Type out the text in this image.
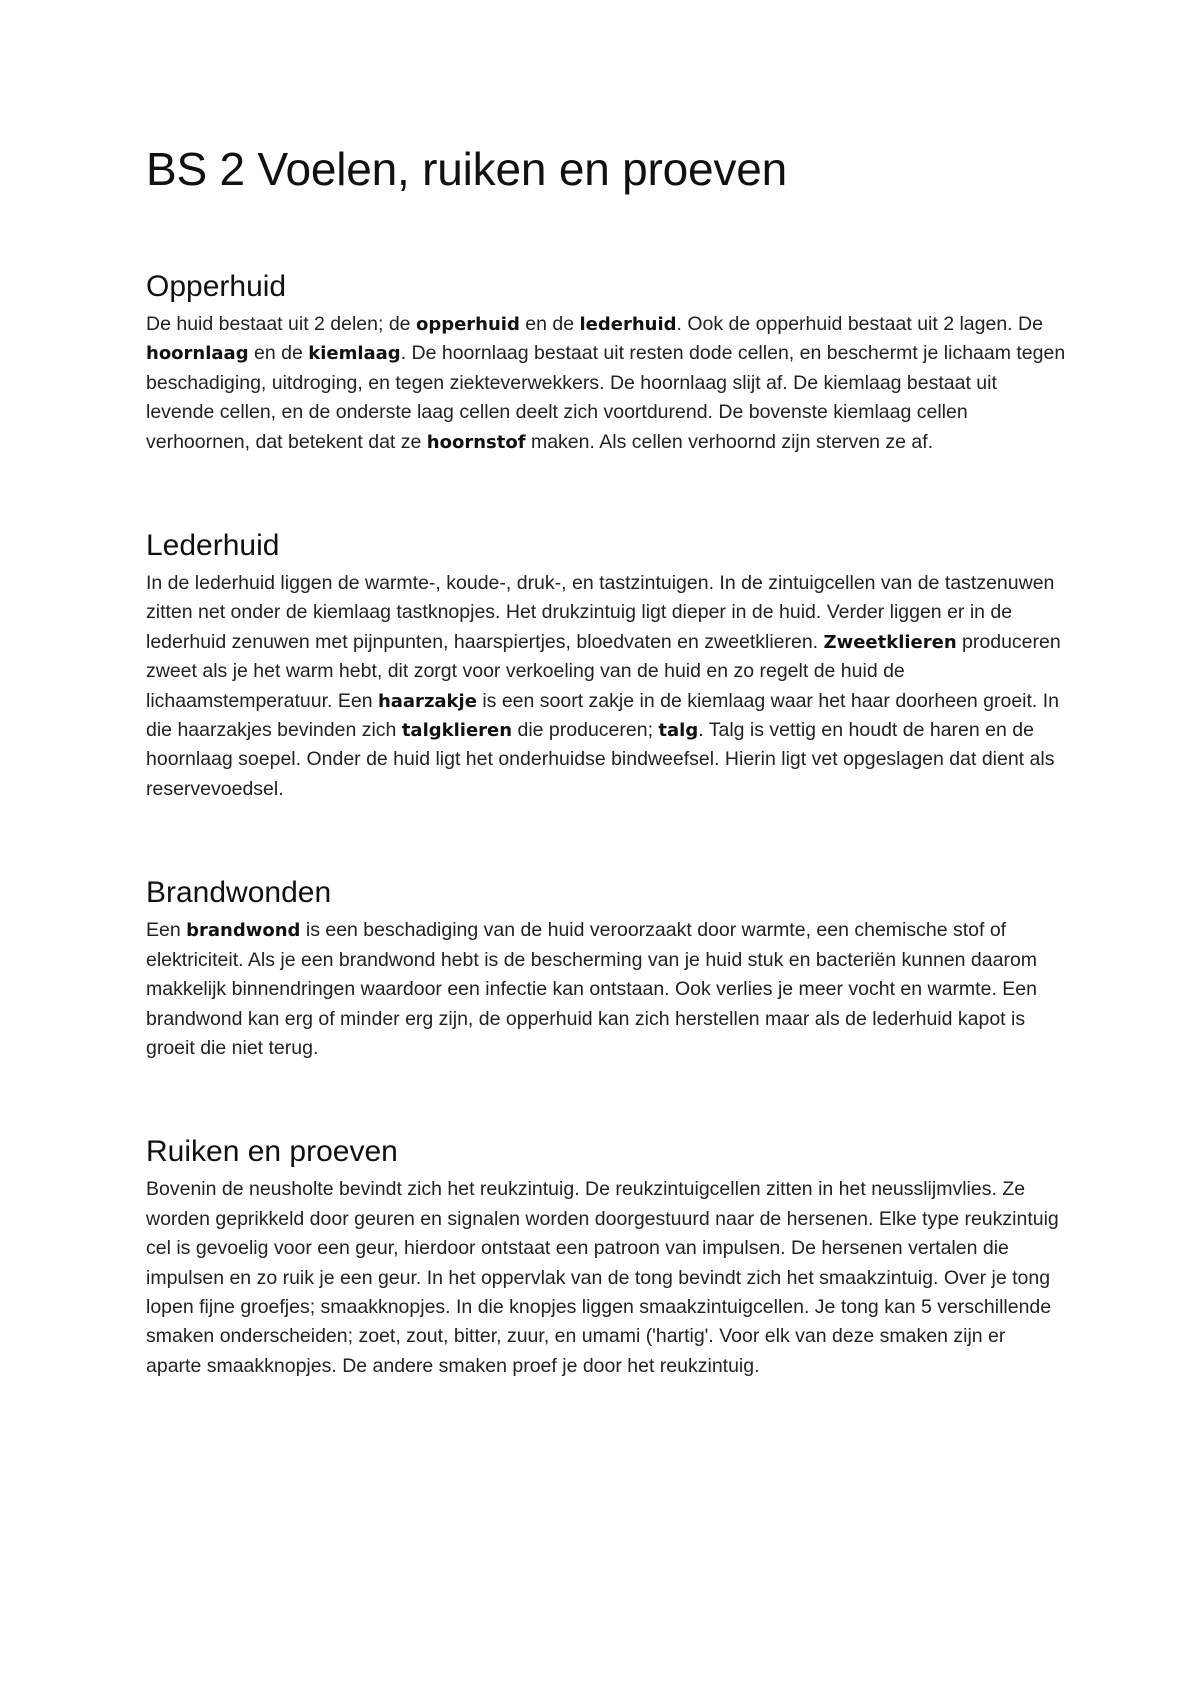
BS 2 Voelen, ruiken en proeven
Opperhuid

De huid bestaat uit 2 delen; de opperhuid en de lederhuid. Ook de opperhuid bestaat uit 2 lagen. De hoornlaag en de kiemlaag. De hoornlaag bestaat uit resten dode cellen, en beschermt je lichaam tegen beschadiging, uitdroging, en tegen ziekteverwekkers. De hoornlaag slijt af. De kiemlaag bestaat uit levende cellen, en de onderste laag cellen deelt zich voortdurend. De bovenste kiemlaag cellen verhoornen, dat betekent dat ze hoornstof maken. Als cellen verhoornd zijn sterven ze af.

Lederhuid

In de lederhuid liggen de warmte-, koude-, druk-, en tastzintuigen. In de zintuigcellen van de tastzenuwen zitten net onder de kiemlaag tastknopjes. Het drukzintuig ligt dieper in de huid. Verder liggen er in de lederhuid zenuwen met pijnpunten, haarspiertjes, bloedvaten en zweetklieren. Zweetklieren produceren zweet als je het warm hebt, dit zorgt voor verkoeling van de huid en zo regelt de huid de lichaamstemperatuur. Een haarzakje is een soort zakje in de kiemlaag waar het haar doorheen groeit. In die haarzakjes bevinden zich talgklieren die produceren; talg. Talg is vettig en houdt de haren en de hoornlaag soepel. Onder de huid ligt het onderhuidse bindweefsel. Hierin ligt vet opgeslagen dat dient als reservevoedsel.

Brandwonden

Een brandwond is een beschadiging van de huid veroorzaakt door warmte, een chemische stof of elektriciteit. Als je een brandwond hebt is de bescherming van je huid stuk en bacteriën kunnen daarom makkelijk binnendringen waardoor een infectie kan ontstaan. Ook verlies je meer vocht en warmte. Een brandwond kan erg of minder erg zijn, de opperhuid kan zich herstellen maar als de lederhuid kapot is groeit die niet terug.

Ruiken en proeven

Bovenin de neusholte bevindt zich het reukzintuig. De reukzintuigcellen zitten in het neusslijmvlies. Ze worden geprikkeld door geuren en signalen worden doorgestuurd naar de hersenen. Elke type reukzintuig cel is gevoelig voor een geur, hierdoor ontstaat een patroon van impulsen. De hersenen vertalen die impulsen en zo ruik je een geur. In het oppervlak van de tong bevindt zich het smaakzintuig. Over je tong lopen fijne groefjes; smaakknopjes. In die knopjes liggen smaakzintuigcellen. Je tong kan 5 verschillende smaken onderscheiden; zoet, zout, bitter, zuur, en umami ('hartig'. Voor elk van deze smaken zijn er aparte smaakknopjes. De andere smaken proef je door het reukzintuig.
